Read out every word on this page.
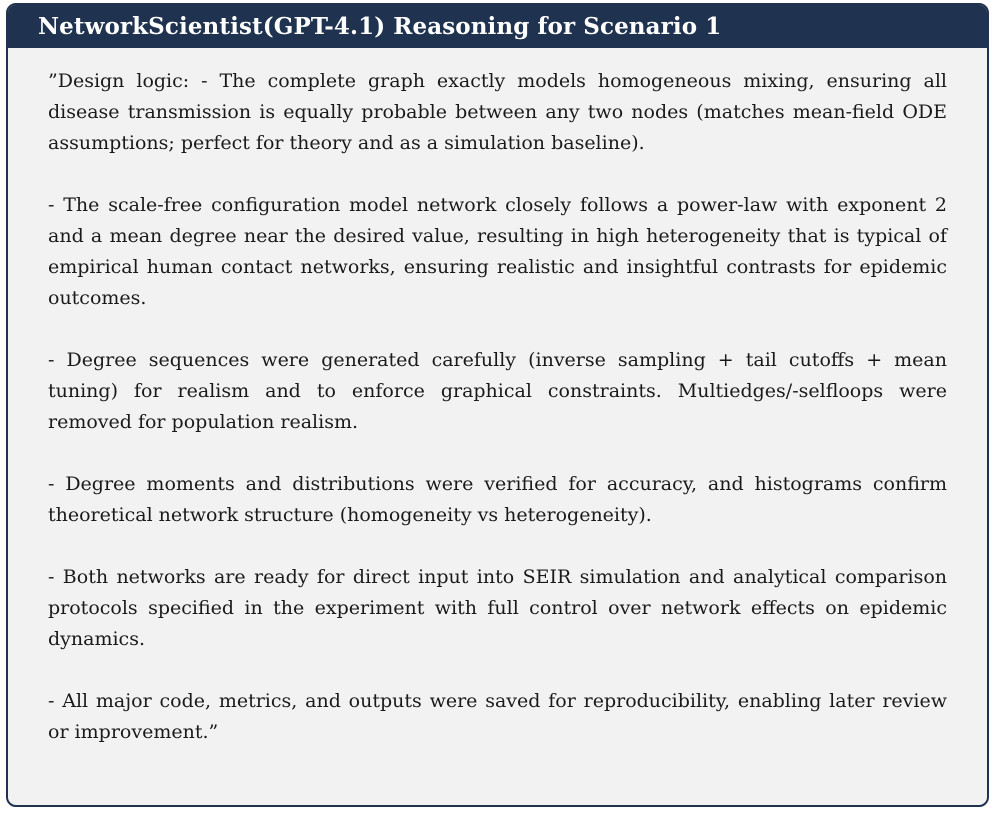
NetworkScientist(GPT-4.1) Reasoning for Scenario 1

”Design logic: - The complete graph exactly models homogeneous mixing, ensuring all disease transmission is equally probable between any two nodes (matches mean-field ODE assumptions; perfect for theory and as a simulation baseline).

- The scale-free configuration model network closely follows a power-law with exponent 2 and a mean degree near the desired value, resulting in high heterogeneity that is typical of empirical human contact networks, ensuring realistic and insightful contrasts for epidemic outcomes.

- Degree sequences were generated carefully (inverse sampling + tail cutoffs + mean tuning) for realism and to enforce graphical constraints. Multiedges/-selfloops were removed for population realism.

- Degree moments and distributions were verified for accuracy, and histograms confirm theoretical network structure (homogeneity vs heterogeneity).

- Both networks are ready for direct input into SEIR simulation and analytical comparison protocols specified in the experiment with full control over network effects on epidemic dynamics.

- All major code, metrics, and outputs were saved for reproducibility, enabling later review or improvement.”
